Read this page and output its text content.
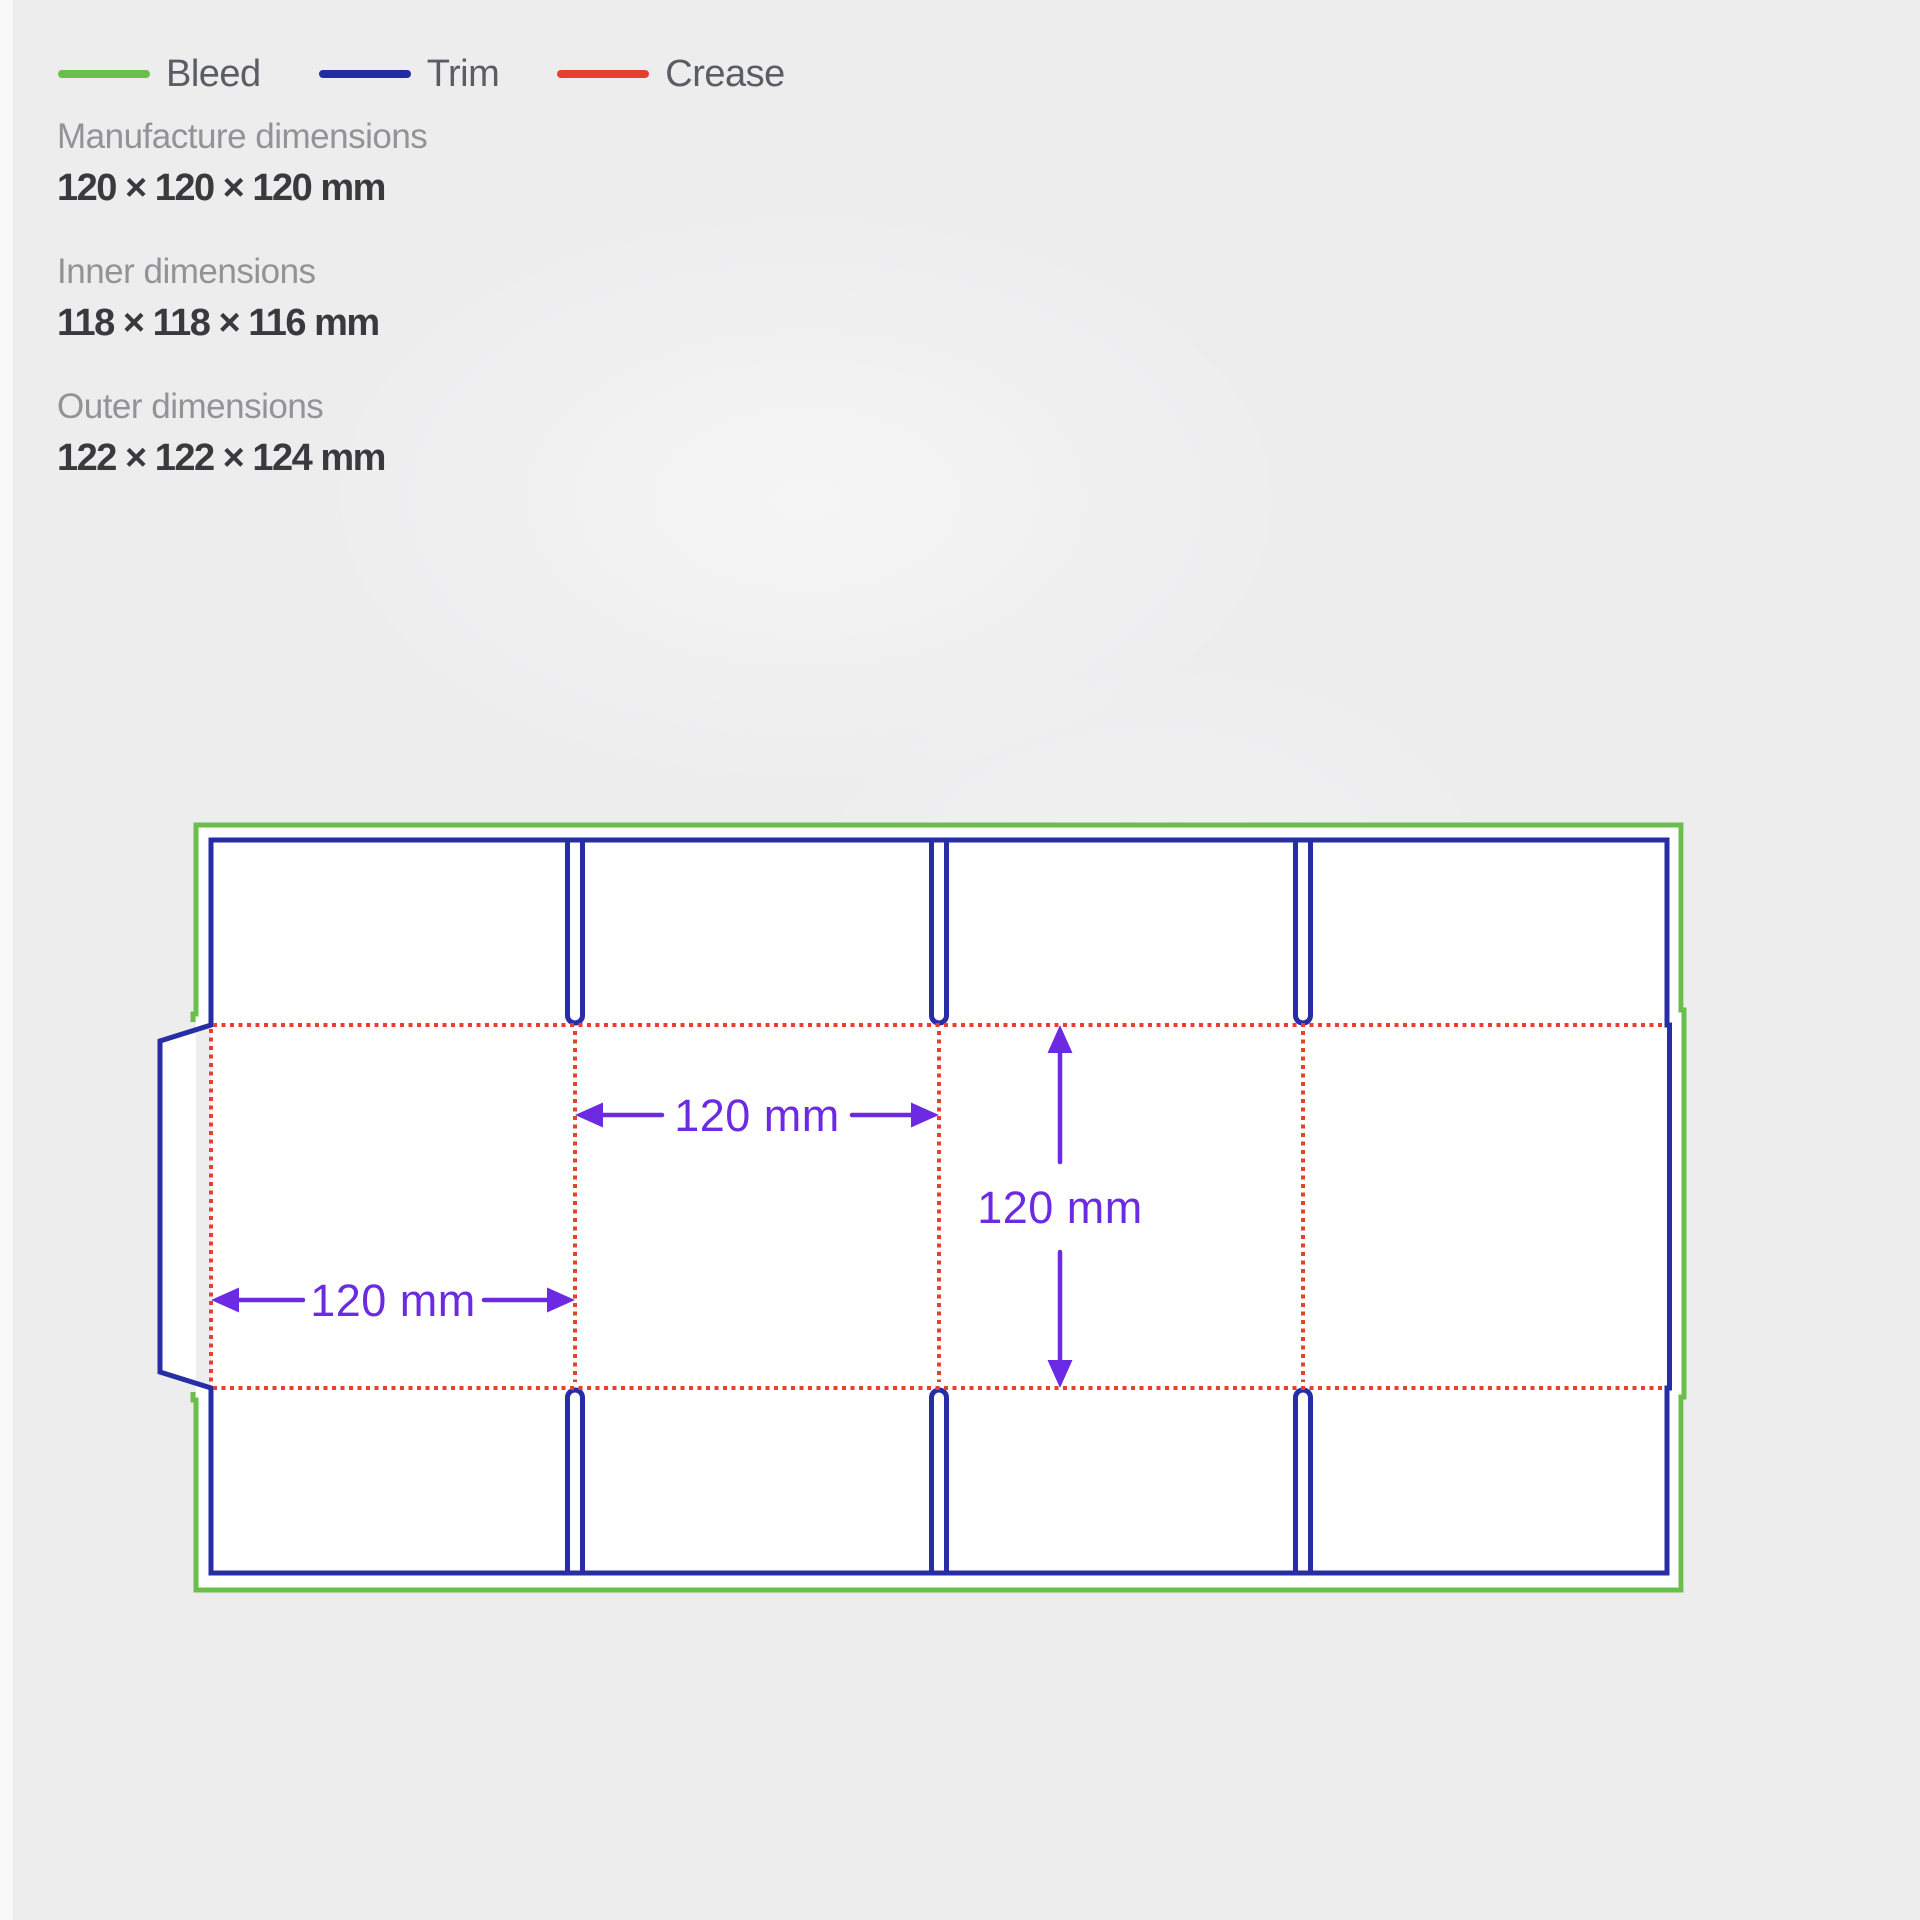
Bleed	Trim	Crease
Manufacture dimensions
120 × 120 × 120 mm
Inner dimensions
118 × 118 × 116 mm
Outer dimensions
122 × 122 × 124 mm
120 mm
120 mm
120 mm
